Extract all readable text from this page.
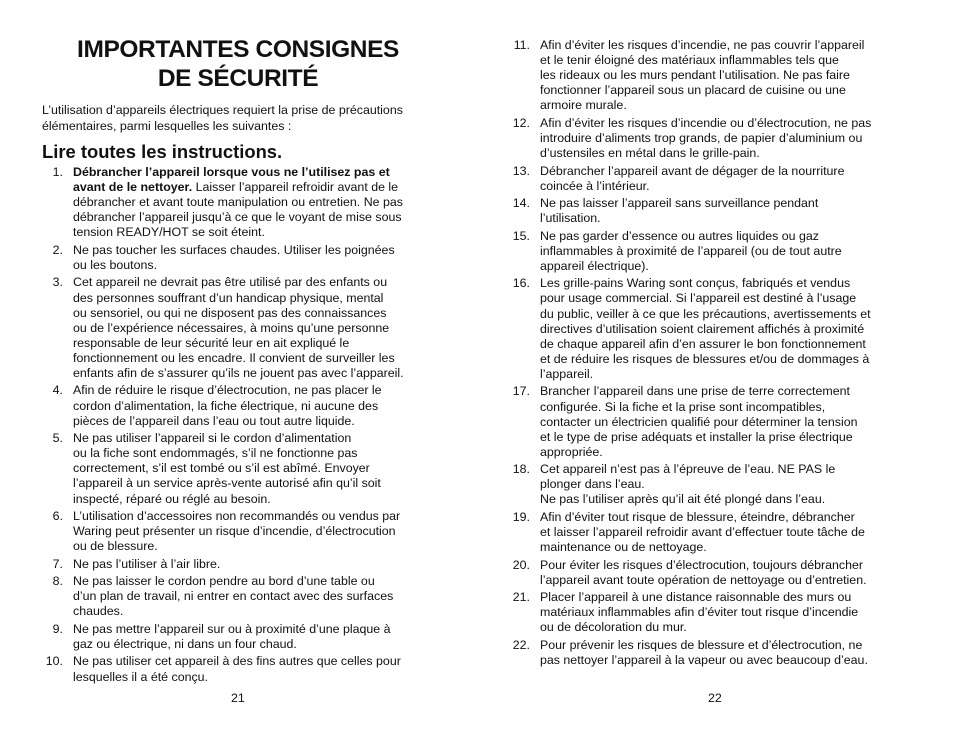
IMPORTANTES CONSIGNES
DE SÉCURITÉ
L’utilisation d’appareils électriques requiert la prise de précautions
élémentaires, parmi lesquelles les suivantes :
Lire toutes les instructions.
1. Débrancher l’appareil lorsque vous ne l’utilisez pas et
avant de le nettoyer. Laisser l’appareil refroidir avant de le
débrancher et avant toute manipulation ou entretien. Ne pas
débrancher l’appareil jusqu’à ce que le voyant de mise sous
tension READY/HOT se soit éteint.
2. Ne pas toucher les surfaces chaudes. Utiliser les poignées
ou les boutons.
3. Cet appareil ne devrait pas être utilisé par des enfants ou
des personnes souffrant d’un handicap physique, mental
ou sensoriel, ou qui ne disposent pas des connaissances
ou de l’expérience nécessaires, à moins qu’une personne
responsable de leur sécurité leur en ait expliqué le
fonctionnement ou les encadre. Il convient de surveiller les
enfants afin de s’assurer qu’ils ne jouent pas avec l’appareil.
4. Afin de réduire le risque d’électrocution, ne pas placer le
cordon d’alimentation, la fiche électrique, ni aucune des
pièces de l’appareil dans l’eau ou tout autre liquide.
5. Ne pas utiliser l’appareil si le cordon d’alimentation
ou la fiche sont endommagés, s’il ne fonctionne pas
correctement, s’il est tombé ou s’il est abîmé. Envoyer
l’appareil à un service après-vente autorisé afin qu’il soit
inspecté, réparé ou réglé au besoin.
6. L’utilisation d’accessoires non recommandés ou vendus par
Waring peut présenter un risque d’incendie, d’électrocution
ou de blessure.
7. Ne pas l’utiliser à l’air libre.
8. Ne pas laisser le cordon pendre au bord d’une table ou
d’un plan de travail, ni entrer en contact avec des surfaces
chaudes.
9. Ne pas mettre l’appareil sur ou à proximité d’une plaque à
gaz ou électrique, ni dans un four chaud.
10. Ne pas utiliser cet appareil à des fins autres que celles pour
lesquelles il a été conçu.
11. Afin d’éviter les risques d’incendie, ne pas couvrir l’appareil
et le tenir éloigné des matériaux inflammables tels que
les rideaux ou les murs pendant l’utilisation. Ne pas faire
fonctionner l’appareil sous un placard de cuisine ou une
armoire murale.
12. Afin d’éviter les risques d’incendie ou d’électrocution, ne pas
introduire d’aliments trop grands, de papier d’aluminium ou
d’ustensiles en métal dans le grille-pain.
13. Débrancher l’appareil avant de dégager de la nourriture
coincée à l’intérieur.
14. Ne pas laisser l’appareil sans surveillance pendant
l’utilisation.
15. Ne pas garder d’essence ou autres liquides ou gaz
inflammables à proximité de l’appareil (ou de tout autre
appareil électrique).
16. Les grille-pains Waring sont conçus, fabriqués et vendus
pour usage commercial. Si l’appareil est destiné à l’usage
du public, veiller à ce que les précautions, avertissements et
directives d’utilisation soient clairement affichés à proximité
de chaque appareil afin d’en assurer le bon fonctionnement
et de réduire les risques de blessures et/ou de dommages à
l’appareil.
17. Brancher l’appareil dans une prise de terre correctement
configurée. Si la fiche et la prise sont incompatibles,
contacter un électricien qualifié pour déterminer la tension
et le type de prise adéquats et installer la prise électrique
appropriée.
18. Cet appareil n’est pas à l’épreuve de l’eau. NE PAS le
plonger dans l’eau.
Ne pas l’utiliser après qu’il ait été plongé dans l’eau.
19. Afin d’éviter tout risque de blessure, éteindre, débrancher
et laisser l’appareil refroidir avant d’effectuer toute tâche de
maintenance ou de nettoyage.
20. Pour éviter les risques d’électrocution, toujours débrancher
l’appareil avant toute opération de nettoyage ou d’entretien.
21. Placer l’appareil à une distance raisonnable des murs ou
matériaux inflammables afin d’éviter tout risque d’incendie
ou de décoloration du mur.
22. Pour prévenir les risques de blessure et d’électrocution, ne
pas nettoyer l’appareil à la vapeur ou avec beaucoup d’eau.
21	22
